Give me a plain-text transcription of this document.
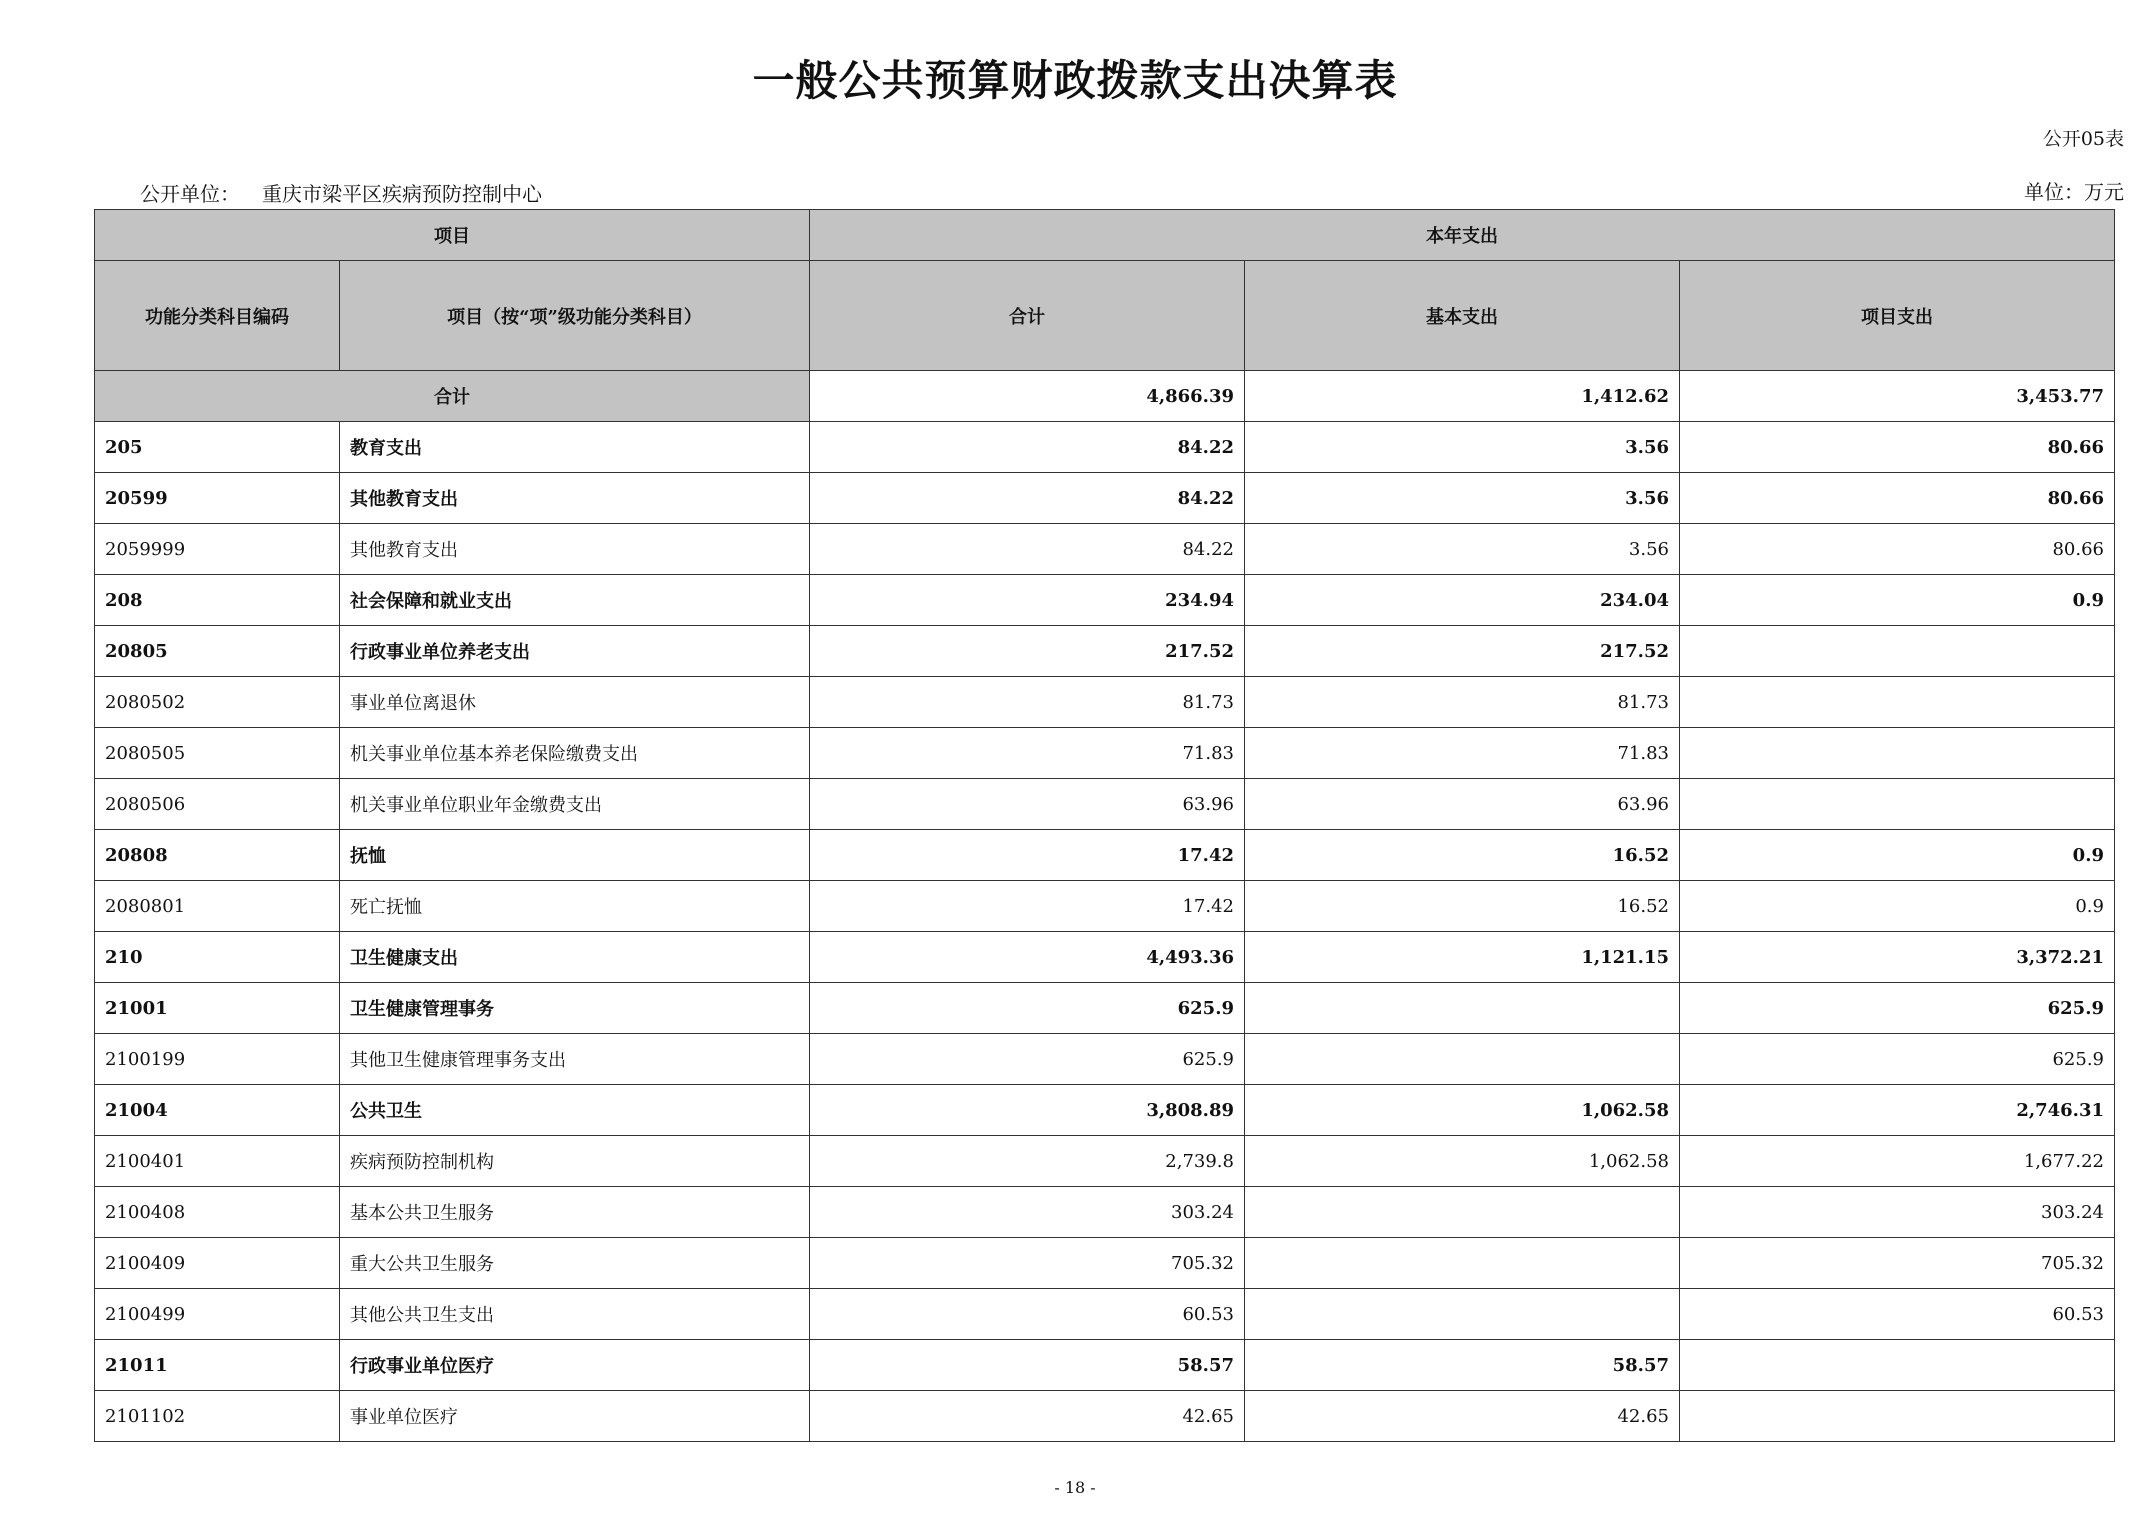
一般公共预算财政拨款支出决算表
公开05表
公开单位： 重庆市梁平区疾病预防控制中心	单位：万元
项目		本年支出		
功能分类科目编码	项目（按“项”级功能分类科目）	合计	基本支出	项目支出
合计		4,866.39	1,412.62	3,453.77
205	教育支出	84.22	3.56	80.66
20599	其他教育支出	84.22	3.56	80.66
2059999	其他教育支出	84.22	3.56	80.66
208	社会保障和就业支出	234.94	234.04	0.9
20805	行政事业单位养老支出	217.52	217.52	
2080502	事业单位离退休	81.73	81.73	
2080505	机关事业单位基本养老保险缴费支出	71.83	71.83	
2080506	机关事业单位职业年金缴费支出	63.96	63.96	
20808	抚恤	17.42	16.52	0.9
2080801	死亡抚恤	17.42	16.52	0.9
210	卫生健康支出	4,493.36	1,121.15	3,372.21
21001	卫生健康管理事务	625.9		625.9
2100199	其他卫生健康管理事务支出	625.9		625.9
21004	公共卫生	3,808.89	1,062.58	2,746.31
2100401	疾病预防控制机构	2,739.8	1,062.58	1,677.22
2100408	基本公共卫生服务	303.24		303.24
2100409	重大公共卫生服务	705.32		705.32
2100499	其他公共卫生支出	60.53		60.53
21011	行政事业单位医疗	58.57	58.57	
2101102	事业单位医疗	42.65	42.65	
- 18 -
